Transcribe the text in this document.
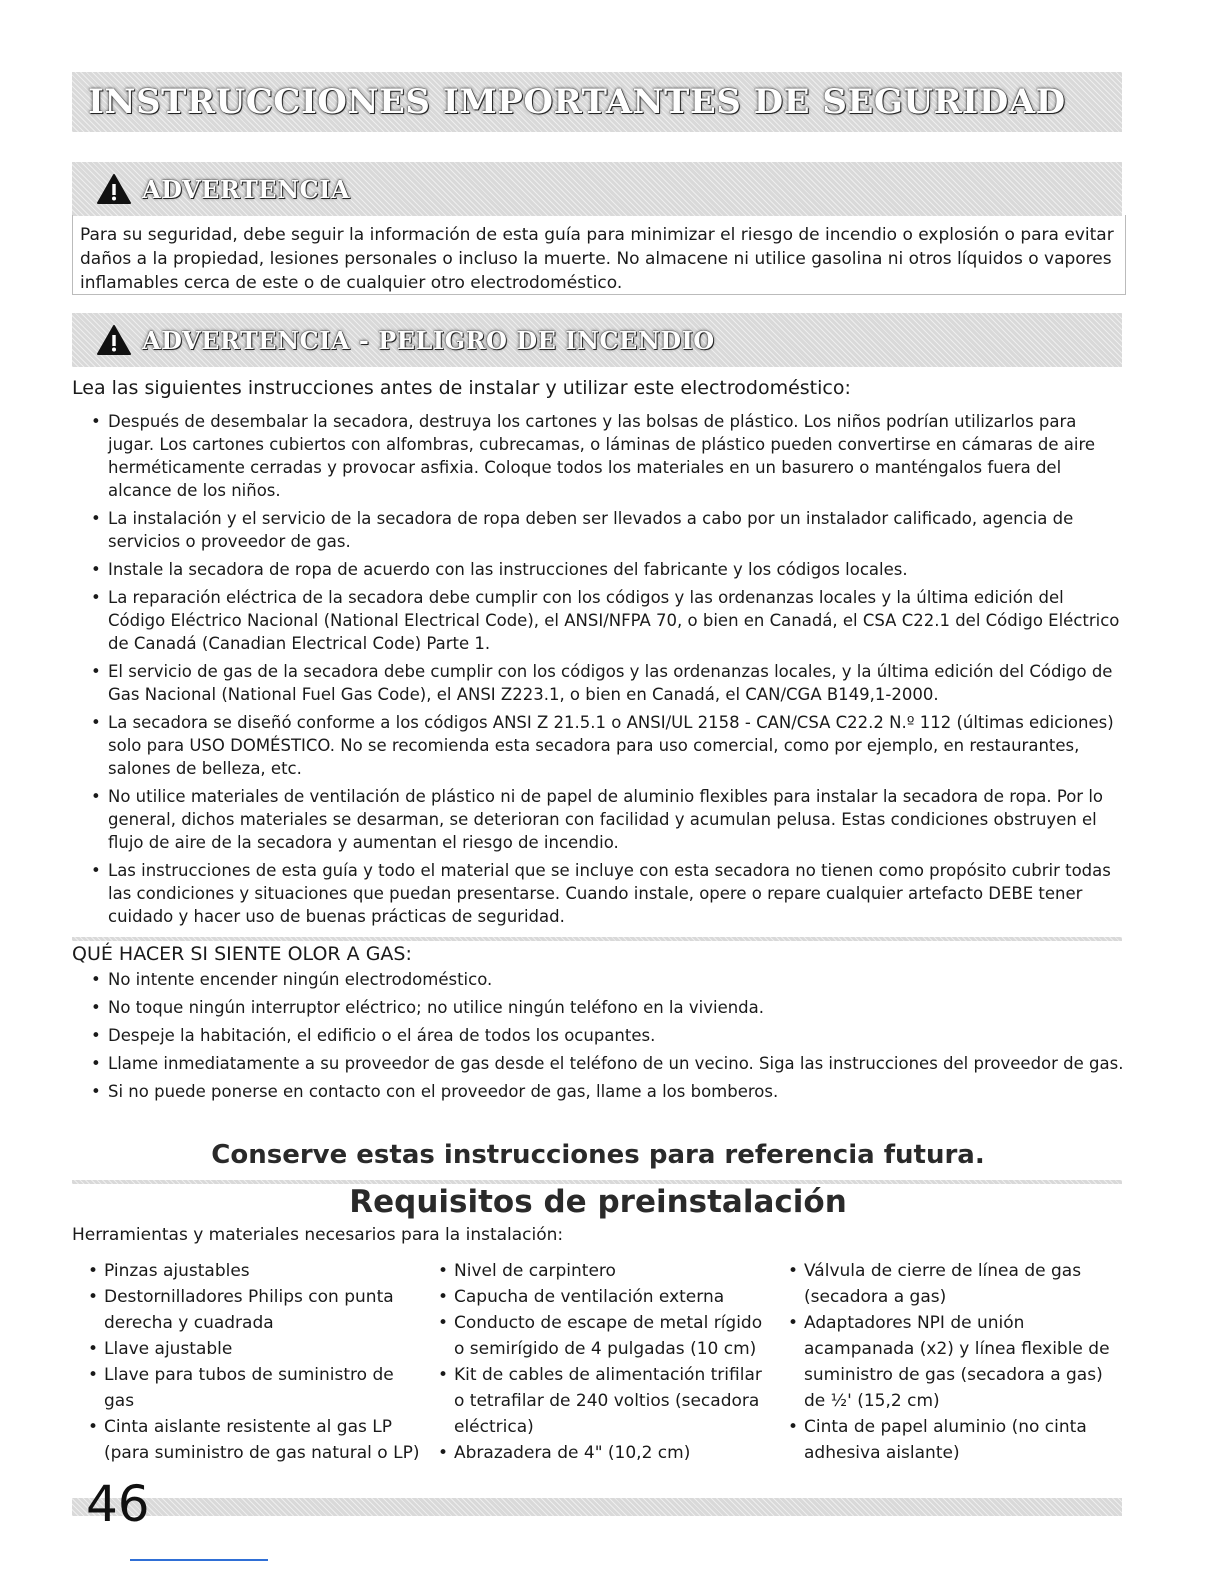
INSTRUCCIONES IMPORTANTES DE SEGURIDAD
ADVERTENCIA

Para su seguridad, debe seguir la información de esta guía para minimizar el riesgo de incendio o explosión o para evitar daños a la propiedad, lesiones personales o incluso la muerte. No almacene ni utilice gasolina ni otros líquidos o vapores inflamables cerca de este o de cualquier otro electrodoméstico.

ADVERTENCIA - PELIGRO DE INCENDIO

Lea las siguientes instrucciones antes de instalar y utilizar este electrodoméstico:

• Después de desembalar la secadora, destruya los cartones y las bolsas de plástico. Los niños podrían utilizarlos para jugar. Los cartones cubiertos con alfombras, cubrecamas, o láminas de plástico pueden convertirse en cámaras de aire herméticamente cerradas y provocar asfixia. Coloque todos los materiales en un basurero o manténgalos fuera del alcance de los niños.
• La instalación y el servicio de la secadora de ropa deben ser llevados a cabo por un instalador calificado, agencia de servicios o proveedor de gas.
• Instale la secadora de ropa de acuerdo con las instrucciones del fabricante y los códigos locales.
• La reparación eléctrica de la secadora debe cumplir con los códigos y las ordenanzas locales y la última edición del Código Eléctrico Nacional (National Electrical Code), el ANSI/NFPA 70, o bien en Canadá, el CSA C22.1 del Código Eléctrico de Canadá (Canadian Electrical Code) Parte 1.
• El servicio de gas de la secadora debe cumplir con los códigos y las ordenanzas locales, y la última edición del Código de Gas Nacional (National Fuel Gas Code), el ANSI Z223.1, o bien en Canadá, el CAN/CGA B149,1-2000.
• La secadora se diseñó conforme a los códigos ANSI Z 21.5.1 o ANSI/UL 2158 - CAN/CSA C22.2 N.º 112 (últimas ediciones) solo para USO DOMÉSTICO. No se recomienda esta secadora para uso comercial, como por ejemplo, en restaurantes, salones de belleza, etc.
• No utilice materiales de ventilación de plástico ni de papel de aluminio flexibles para instalar la secadora de ropa. Por lo general, dichos materiales se desarman, se deterioran con facilidad y acumulan pelusa. Estas condiciones obstruyen el flujo de aire de la secadora y aumentan el riesgo de incendio.
• Las instrucciones de esta guía y todo el material que se incluye con esta secadora no tienen como propósito cubrir todas las condiciones y situaciones que puedan presentarse. Cuando instale, opere o repare cualquier artefacto DEBE tener cuidado y hacer uso de buenas prácticas de seguridad.

QUÉ HACER SI SIENTE OLOR A GAS:

• No intente encender ningún electrodoméstico.
• No toque ningún interruptor eléctrico; no utilice ningún teléfono en la vivienda.
• Despeje la habitación, el edificio o el área de todos los ocupantes.
• Llame inmediatamente a su proveedor de gas desde el teléfono de un vecino. Siga las instrucciones del proveedor de gas.
• Si no puede ponerse en contacto con el proveedor de gas, llame a los bomberos.

Conserve estas instrucciones para referencia futura.

Requisitos de preinstalación

Herramientas y materiales necesarios para la instalación:

• Pinzas ajustables
• Destornilladores Philips con punta derecha y cuadrada
• Llave ajustable
• Llave para tubos de suministro de gas
• Cinta aislante resistente al gas LP (para suministro de gas natural o LP)
• Nivel de carpintero
• Capucha de ventilación externa
• Conducto de escape de metal rígido o semirígido de 4 pulgadas (10 cm)
• Kit de cables de alimentación trifilar o tetrafilar de 240 voltios (secadora eléctrica)
• Abrazadera de 4" (10,2 cm)
• Válvula de cierre de línea de gas (secadora a gas)
• Adaptadores NPI de unión acampanada (x2) y línea flexible de suministro de gas (secadora a gas) de ½' (15,2 cm)
• Cinta de papel aluminio (no cinta adhesiva aislante)

46
